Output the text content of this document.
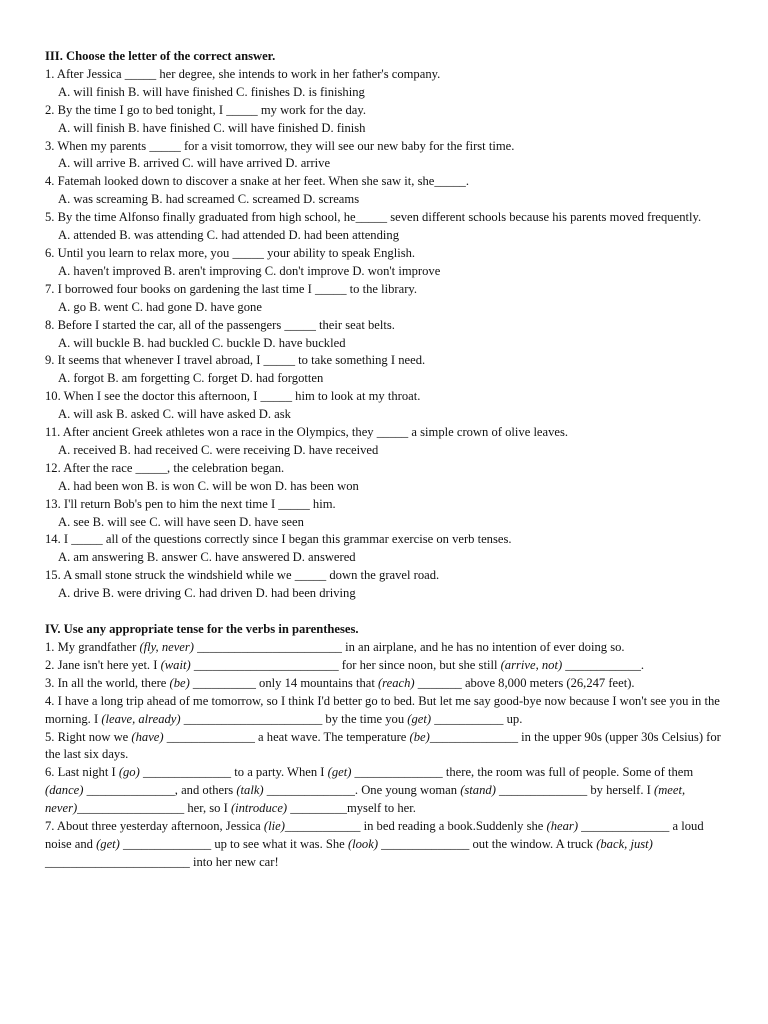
III. Choose the letter of the correct answer.
1. After Jessica _____ her degree, she intends to work in her father's company.
A. will finish B. will have finished C. finishes D. is finishing
2. By the time I go to bed tonight, I _____ my work for the day.
A. will finish B. have finished C. will have finished D. finish
3. When my parents _____ for a visit tomorrow, they will see our new baby for the first time.
A. will arrive B. arrived C. will have arrived D. arrive
4. Fatemah looked down to discover a snake at her feet. When she saw it, she_____.
A. was screaming B. had screamed C. screamed D. screams
5. By the time Alfonso finally graduated from high school, he_____ seven different schools because his parents moved frequently.
A. attended B. was attending C. had attended D. had been attending
6. Until you learn to relax more, you _____ your ability to speak English.
A. haven't improved B. aren't improving C. don't improve D. won't improve
7. I borrowed four books on gardening the last time I _____ to the library.
A. go B. went C. had gone D. have gone
8. Before I started the car, all of the passengers _____ their seat belts.
A. will buckle B. had buckled C. buckle D. have buckled
9. It seems that whenever I travel abroad, I _____ to take something I need.
A. forgot B. am forgetting C. forget D. had forgotten
10. When I see the doctor this afternoon, I _____ him to look at my throat.
A. will ask B. asked C. will have asked D. ask
11. After ancient Greek athletes won a race in the Olympics, they _____ a simple crown of olive leaves.
A. received B. had received C. were receiving D. have received
12. After the race _____, the celebration began.
A. had been won B. is won C. will be won D. has been won
13. I'll return Bob's pen to him the next time I _____ him.
A. see B. will see C. will have seen D. have seen
14. I _____ all of the questions correctly since I began this grammar exercise on verb tenses.
A. am answering B. answer C. have answered D. answered
15. A small stone struck the windshield while we _____ down the gravel road.
A. drive B. were driving C. had driven D. had been driving
IV. Use any appropriate tense for the verbs in parentheses.
1. My grandfather (fly, never) _______________________ in an airplane, and he has no intention of ever doing so.
2. Jane isn't here yet. I (wait) _______________________ for her since noon, but she still (arrive, not) ____________.
3. In all the world, there (be) __________ only 14 mountains that (reach) _______ above 8,000 meters (26,247 feet).
4. I have a long trip ahead of me tomorrow, so I think I'd better go to bed. But let me say good-bye now because I won't see you in the morning. I (leave, already) ______________________ by the time you (get) ___________ up.
5. Right now we (have) ______________ a heat wave. The temperature (be)______________ in the upper 90s (upper 30s Celsius) for the last six days.
6. Last night I (go) ______________ to a party. When I (get) ______________ there, the room was full of people. Some of them (dance) ______________, and others (talk) ______________. One young woman (stand) ______________ by herself. I (meet, never)_________________ her, so I (introduce) _________myself to her.
7. About three yesterday afternoon, Jessica (lie)____________ in bed reading a book.Suddenly she (hear) ______________ a loud noise and (get) ______________ up to see what it was. She (look) ______________ out the window. A truck (back, just) _______________________ into her new car!
